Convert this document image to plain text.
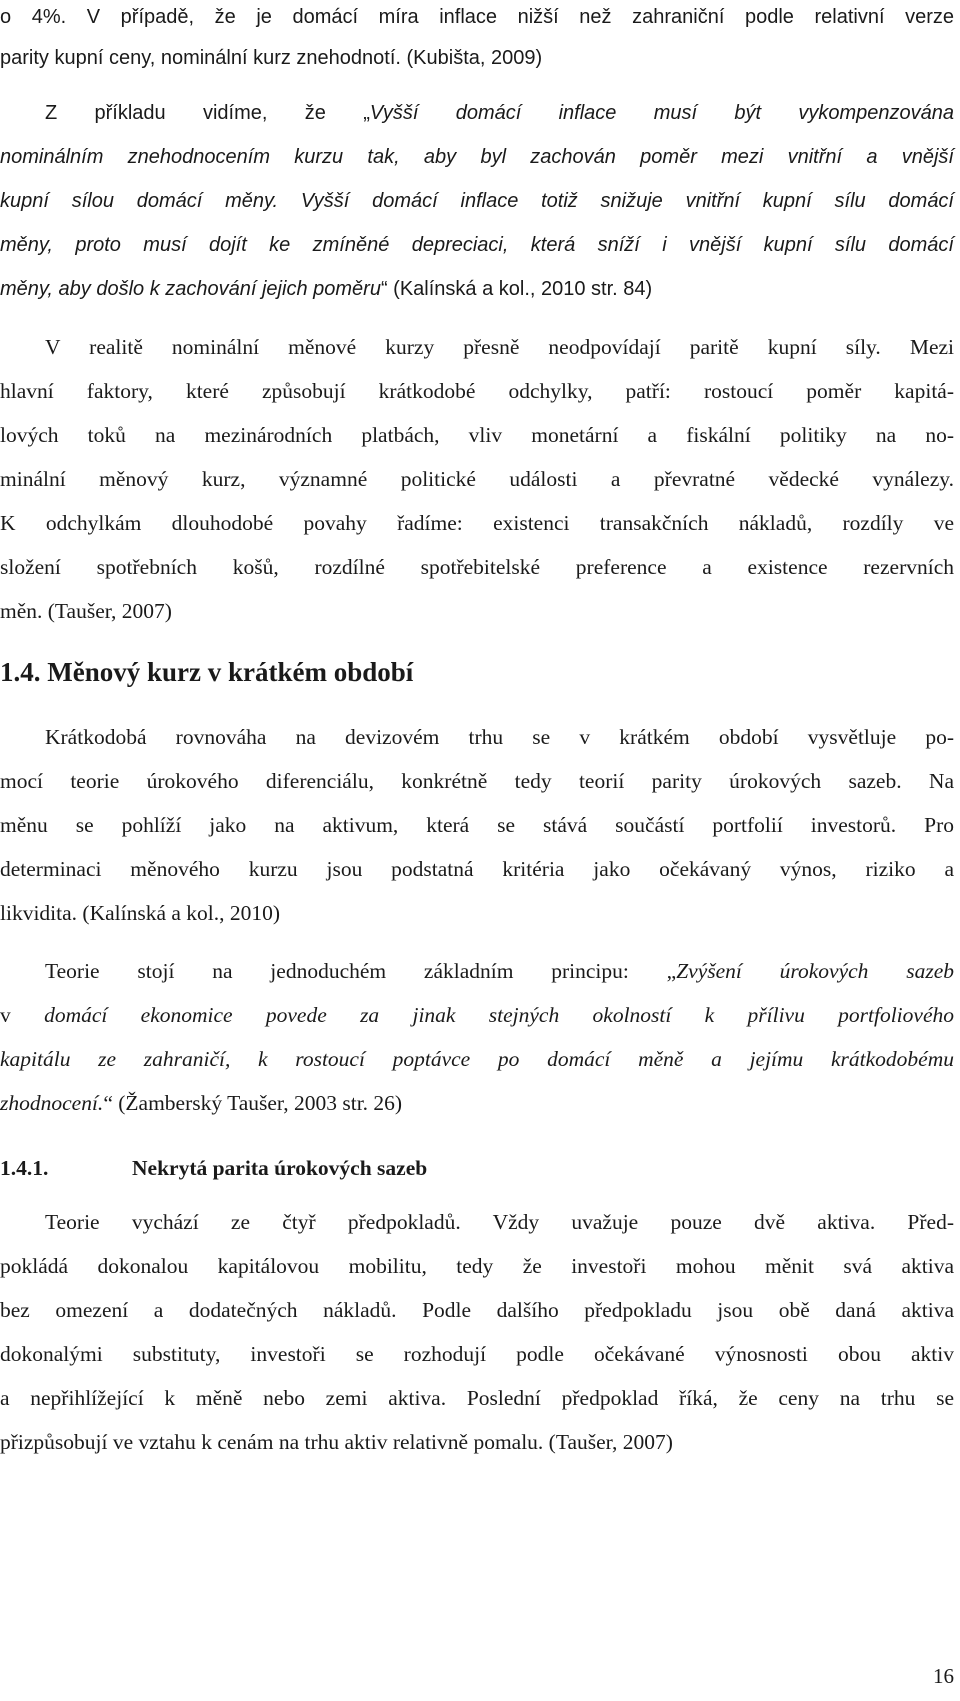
o 4%. V případě, že je domácí míra inflace nižší než zahraniční podle relativní verze
parity kupní ceny, nominální kurz znehodnotí. (Kubišta, 2009)
Z příkladu vidíme, že „Vyšší domácí inflace musí být vykompenzována
nominálním znehodnocením kurzu tak, aby byl zachován poměr mezi vnitřní a vnější
kupní sílou domácí měny. Vyšší domácí inflace totiž snižuje vnitřní kupní sílu domácí
měny, proto musí dojít ke zmíněné depreciaci, která sníží i vnější kupní sílu domácí
měny, aby došlo k zachování jejich poměru“ (Kalínská a kol., 2010 str. 84)
V realitě nominální měnové kurzy přesně neodpovídají paritě kupní síly. Mezi
hlavní faktory, které způsobují krátkodobé odchylky, patří: rostoucí poměr kapitá-
lových toků na mezinárodních platbách, vliv monetární a fiskální politiky na no-
minální měnový kurz, významné politické události a převratné vědecké vynálezy.
K odchylkám dlouhodobé povahy řadíme: existenci transakčních nákladů, rozdíly ve
složení spotřebních košů, rozdílné spotřebitelské preference a existence rezervních
měn. (Taušer, 2007)
1.4. Měnový kurz v krátkém období
Krátkodobá rovnováha na devizovém trhu se v krátkém období vysvětluje po-
mocí teorie úrokového diferenciálu, konkrétně tedy teorií parity úrokových sazeb. Na
měnu se pohlíží jako na aktivum, která se stává součástí portfolií investorů. Pro
determinaci měnového kurzu jsou podstatná kritéria jako očekávaný výnos, riziko a
likvidita. (Kalínská a kol., 2010)
Teorie stojí na jednoduchém základním principu: „Zvýšení úrokových sazeb
v domácí ekonomice povede za jinak stejných okolností k přílivu portfoliového
kapitálu ze zahraničí, k rostoucí poptávce po domácí měně a jejímu krátkodobému
zhodnocení.“ (Žamberský Taušer, 2003 str. 26)
1.4.1.	Nekrytá parita úrokových sazeb
Teorie vychází ze čtyř předpokladů. Vždy uvažuje pouze dvě aktiva. Před-
pokládá dokonalou kapitálovou mobilitu, tedy že investoři mohou měnit svá aktiva
bez omezení a dodatečných nákladů. Podle dalšího předpokladu jsou obě daná aktiva
dokonalými substituty, investoři se rozhodují podle očekávané výnosnosti obou aktiv
a nepřihlížející k měně nebo zemi aktiva. Poslední předpoklad říká, že ceny na trhu se
přizpůsobují ve vztahu k cenám na trhu aktiv relativně pomalu. (Taušer, 2007)
16
